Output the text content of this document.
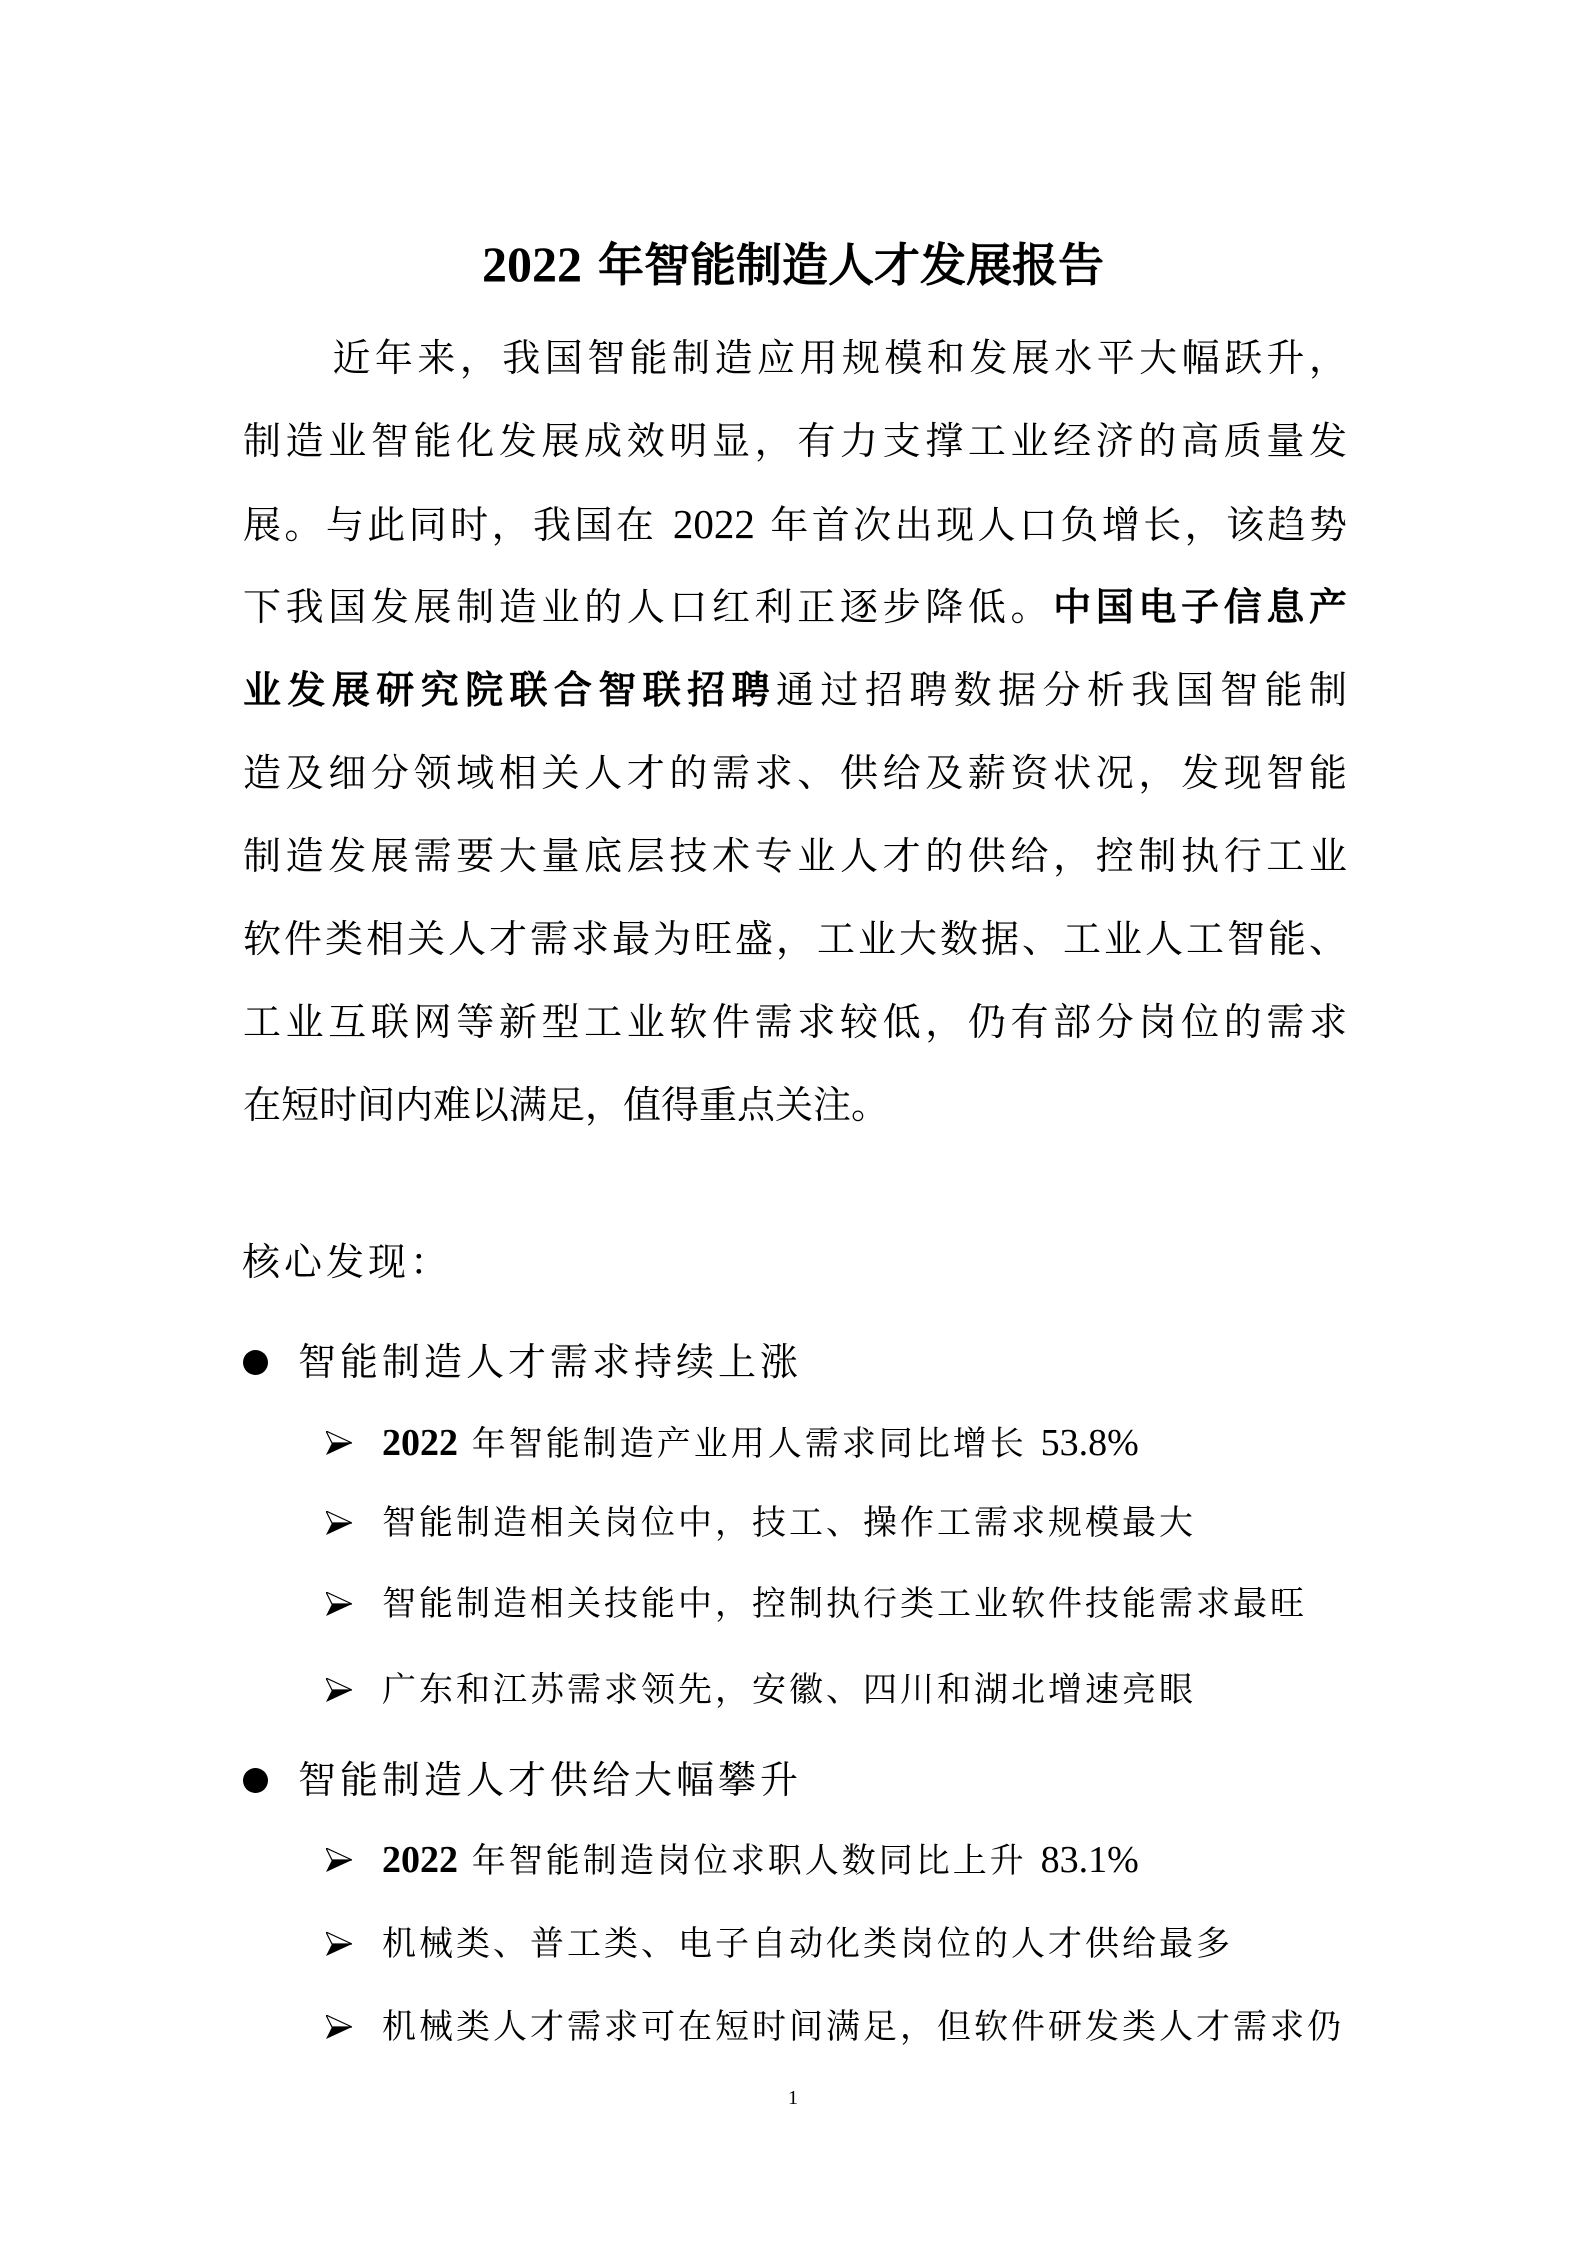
2022 年智能制造人才发展报告
近年来，我国智能制造应用规模和发展水平大幅跃升，
制造业智能化发展成效明显，有力支撑工业经济的高质量发
展。与此同时，我国在 2022 年首次出现人口负增长，该趋势
下我国发展制造业的人口红利正逐步降低。中国电子信息产
业发展研究院联合智联招聘通过招聘数据分析我国智能制
造及细分领域相关人才的需求、供给及薪资状况，发现智能
制造发展需要大量底层技术专业人才的供给，控制执行工业
软件类相关人才需求最为旺盛，工业大数据、工业人工智能、
工业互联网等新型工业软件需求较低，仍有部分岗位的需求
在短时间内难以满足，值得重点关注。
核心发现：
智能制造人才需求持续上涨
2022 年智能制造产业用人需求同比增长 53.8%
智能制造相关岗位中，技工、操作工需求规模最大
智能制造相关技能中，控制执行类工业软件技能需求最旺
广东和江苏需求领先，安徽、四川和湖北增速亮眼
智能制造人才供给大幅攀升
2022 年智能制造岗位求职人数同比上升 83.1%
机械类、普工类、电子自动化类岗位的人才供给最多
机械类人才需求可在短时间满足，但软件研发类人才需求仍
1
